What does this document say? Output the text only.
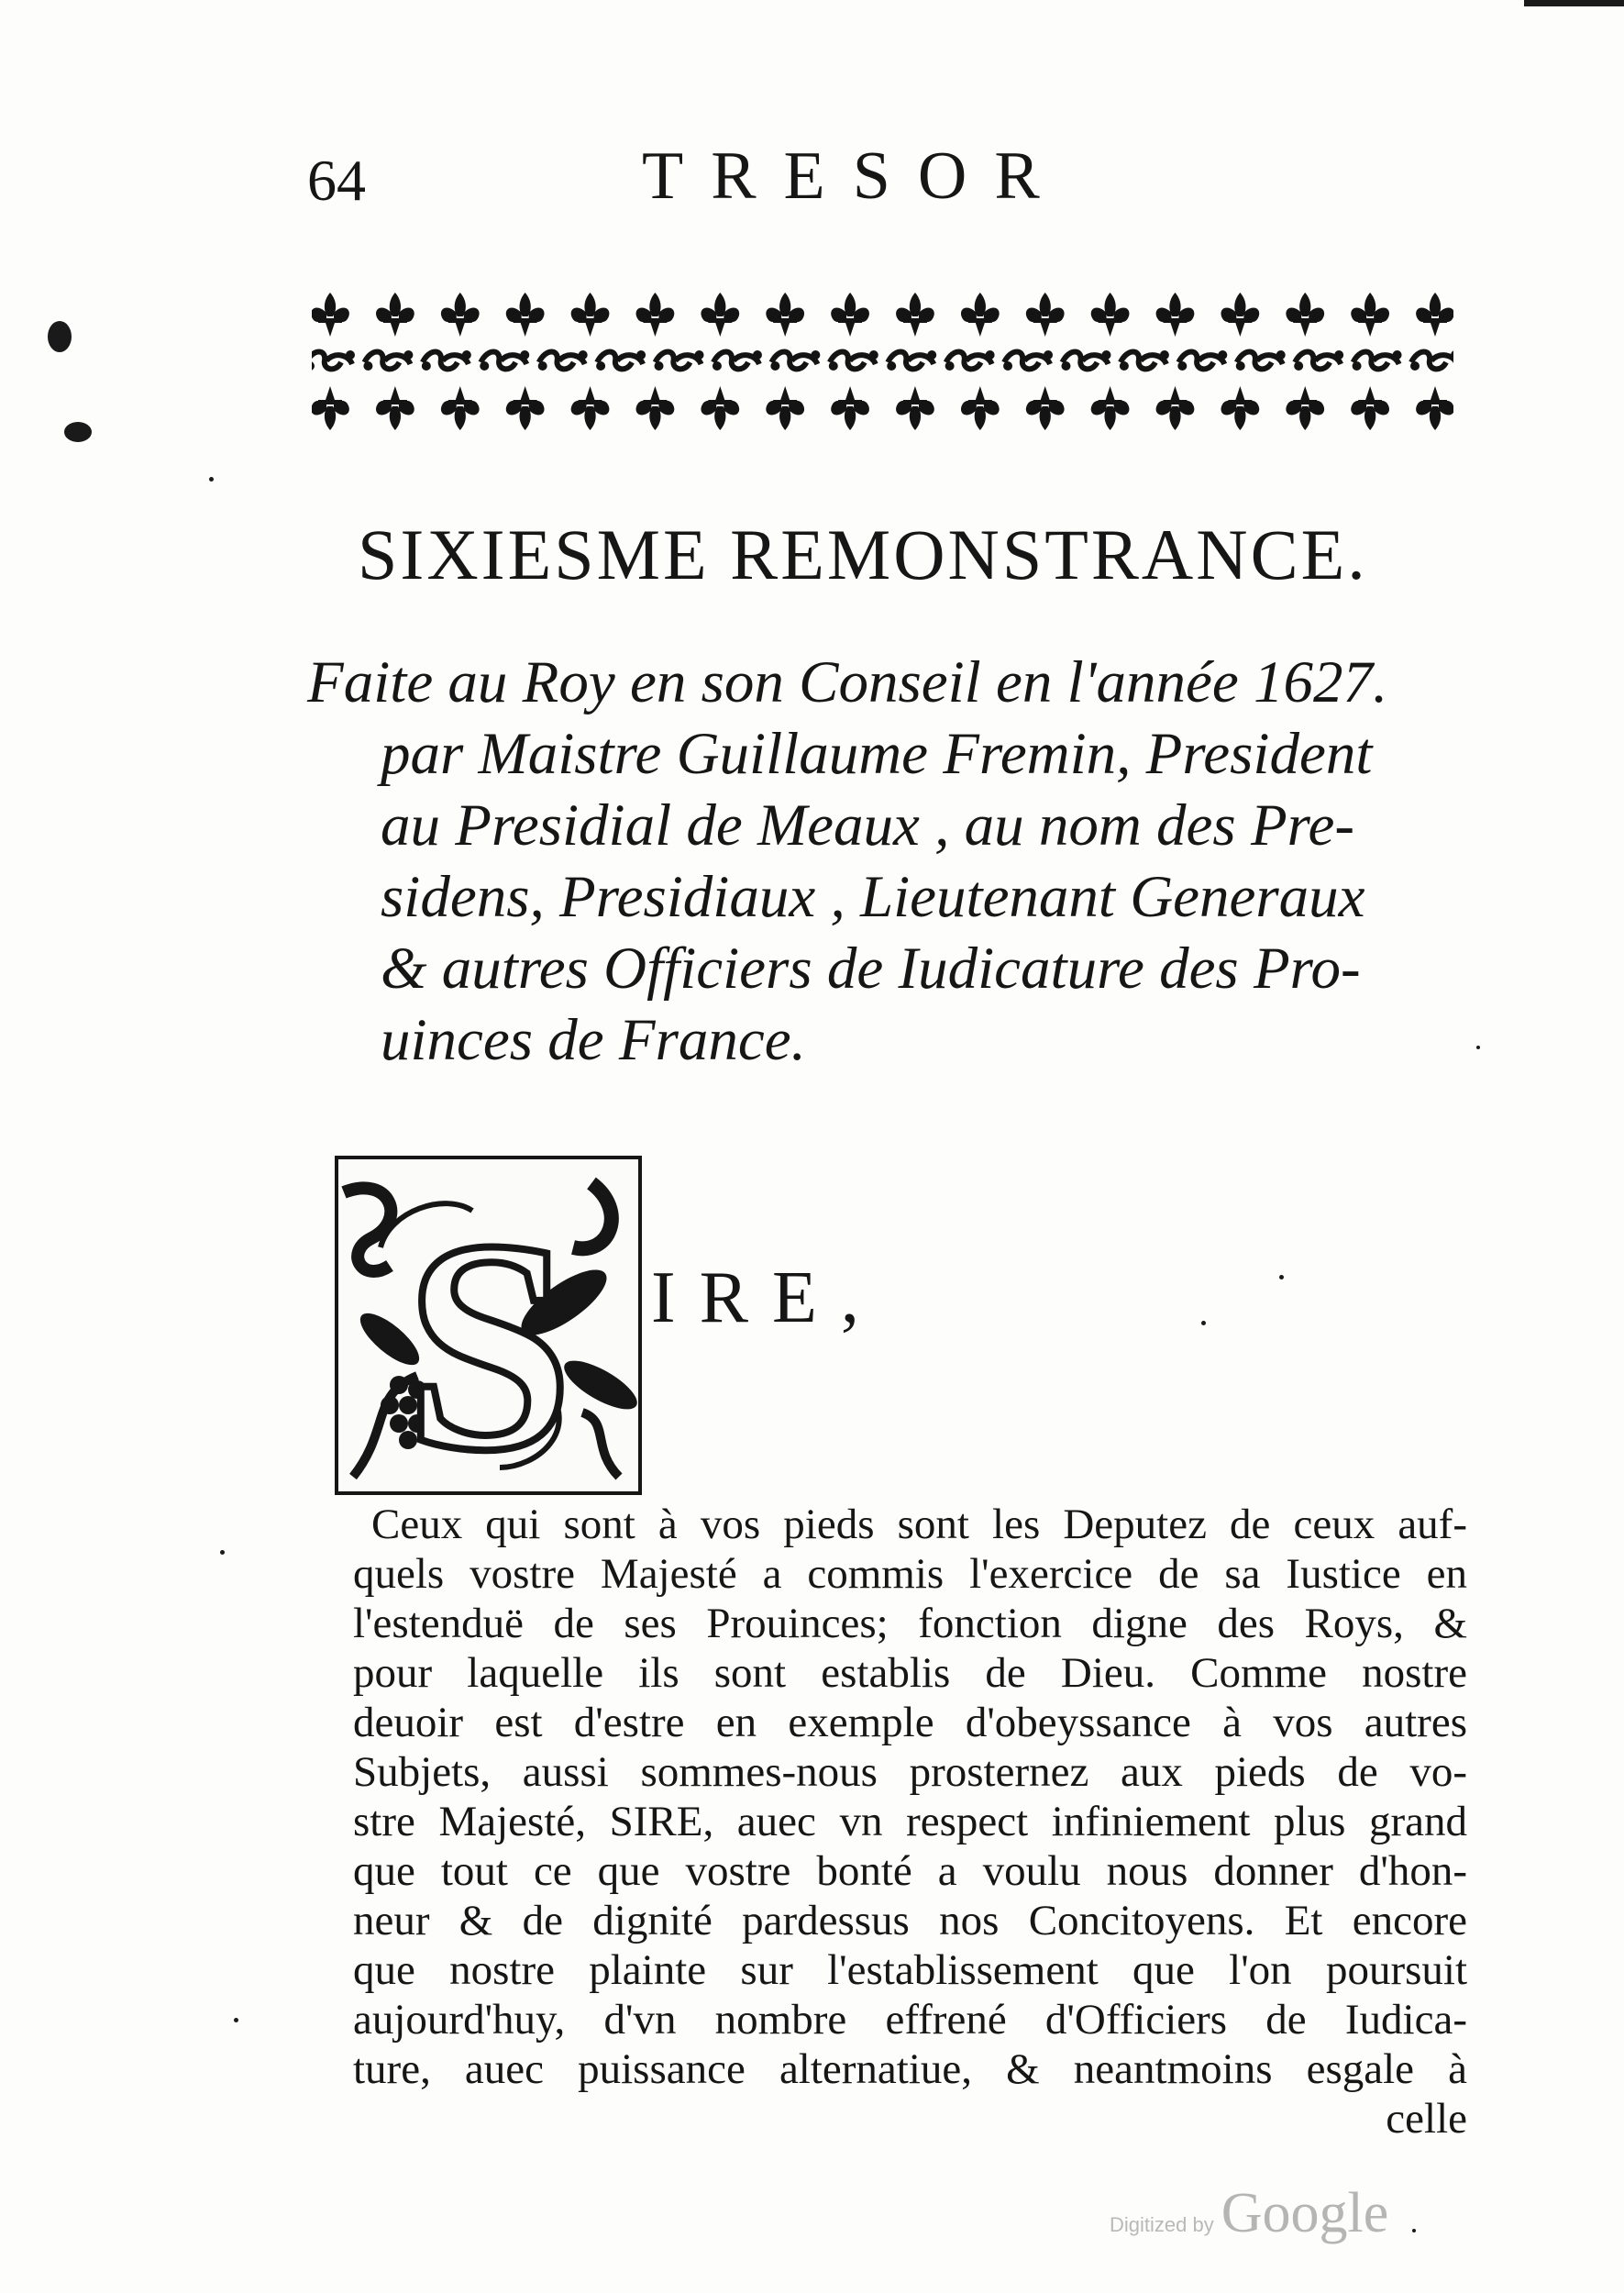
64	TRESOR
SIXIESME REMONSTRANCE.
Faite au Roy en son Conseil en l'année 1627.
par Maistre Guillaume Fremin, President
au Presidial de Meaux , au nom des Pre-
sidens, Presidiaux , Lieutenant Generaux
& autres Officiers de Iudicature des Pro-
uinces de France.
S IRE,
Ceux qui sont à vos pieds sont les Deputez de ceux auf-
quels vostre Majesté a commis l'exercice de sa Iustice en
l'estenduë de ses Prouinces; fonction digne des Roys, &
pour laquelle ils sont establis de Dieu. Comme nostre
deuoir est d'estre en exemple d'obeyssance à vos autres
Subjets, aussi sommes-nous prosternez aux pieds de vo-
stre Majesté, SIRE, auec vn respect infiniement plus grand
que tout ce que vostre bonté a voulu nous donner d'hon-
neur & de dignité pardessus nos Concitoyens. Et encore
que nostre plainte sur l'establissement que l'on poursuit
aujourd'huy, d'vn nombre effrené d'Officiers de Iudica-
ture, auec puissance alternatiue, & neantmoins esgale à
celle
Digitized by Google
